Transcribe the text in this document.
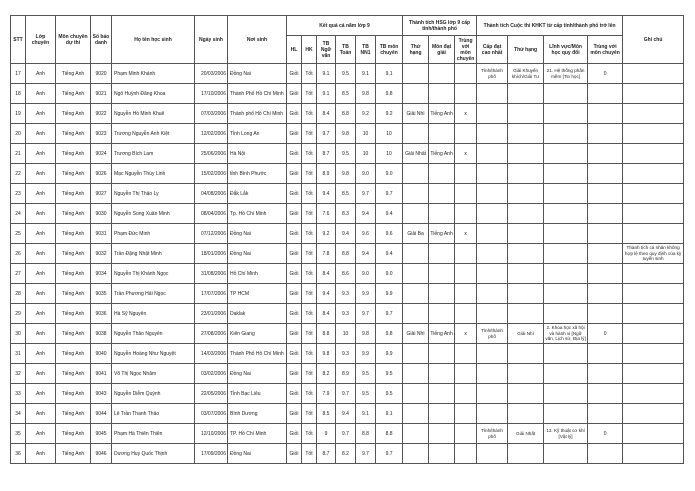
STT	Lớp chuyên	Môn chuyên dự thi	Số báo danh	Họ tên học sinh	Ngày sinh	Nơi sinh	Kết quả cả năm lớp 9						Thành tích HSG lớp 9 cấp tỉnh/thành phố			Thành tích Cuộc thi KHKT từ cấp tỉnh/thành phố trở lên				Ghi chú
							HL	HK	TB Ngữ văn	TB Toán	TB NN1	TB môn chuyên	Thứ hạng	Môn đạt giải	Trùng với môn chuyên	Cấp đạt cao nhất	Thứ hạng	Lĩnh vực/Môn học quy đổi	Trùng với môn chuyên	
17	Anh	Tiếng Anh	9020	Phạm Minh Khánh	20/03/2006	Đồng Nai	Giỏi	Tốt	9.1	9.5	9.1	9.1				Tỉnh/thành phố	Giải Khuyến khích/Giải Tư	21. Hệ thống phần mềm [Tin học]	0	
18	Anh	Tiếng Anh	9021	Ngô Huỳnh Đăng Khoa	17/10/2006	Thành Phố Hồ Chí Minh	Giỏi	Tốt	9.1	8.5	9.8	9.8								
19	Anh	Tiếng Anh	9022	Nguyễn Hồ Minh Khuê	07/03/2006	Thành phố Hồ Chí Minh	Giỏi	Tốt	8.4	8.8	9.2	9.2	Giải Nhì	Tiếng Anh	x					
20	Anh	Tiếng Anh	9023	Trương Nguyễn Anh Kiệt	12/02/2006	Tỉnh Long An	Giỏi	Tốt	9.7	9.8	10	10								
21	Anh	Tiếng Anh	9024	Trương Bích Lam	25/06/2006	Hà Nội	Giỏi	Tốt	8.7	9.5	10	10	Giải Nhất	Tiếng Anh	x					
22	Anh	Tiếng Anh	9026	Mạc Nguyễn Thùy Linh	15/02/2006	tỉnh Bình Phước	Giỏi	Tốt	8.9	9.8	9.0	9.0								
23	Anh	Tiếng Anh	9027	Nguyễn Thị Thảo Ly	04/08/2006	Đắk Lắk	Giỏi	Tốt	9.4	8.5	9.7	9.7								
24	Anh	Tiếng Anh	9030	Nguyễn Song Xuân Minh	08/04/2006	Tp. Hồ Chí Minh	Giỏi	Tốt	7.6	8.3	9.4	9.4								
25	Anh	Tiếng Anh	9031	Phạm Đức Minh	07/12/2006	Đồng Nai	Giỏi	Tốt	9.2	9.4	9.6	9.6	Giải Ba	Tiếng Anh	x					
26	Anh	Tiếng Anh	9032	Trần Đặng Nhật Minh	18/01/2006	Đồng Nai	Giỏi	Tốt	7.8	8.8	9.4	9.4								Thành tích cá nhân không hợp lệ theo quy định của kỳ tuyển sinh
27	Anh	Tiếng Anh	9034	Nguyễn Thị Khánh Ngọc	31/08/2006	Hồ Chí Minh	Giỏi	Tốt	8.4	8.6	9.0	9.0								
28	Anh	Tiếng Anh	9035	Trần Phương Hải Ngọc	17/07/2006	TP HCM	Giỏi	Tốt	9.4	9.3	9.9	9.9								
29	Anh	Tiếng Anh	9036	Hà Sỹ Nguyên	23/01/2006	Daklak	Giỏi	Tốt	8.4	9.3	9.7	9.7								
30	Anh	Tiếng Anh	9038	Nguyễn Thảo Nguyên	27/08/2006	Kiên Giang	Giỏi	Tốt	8.8	10	9.8	9.8	Giải Nhì	Tiếng Anh	x	Tỉnh/thành phố	Giải Nhì	2. Khoa học xã hội và hành vi [Ngữ văn, Lịch sử, Địa lý]	0	
31	Anh	Tiếng Anh	9040	Nguyễn Hoàng Như Nguyệt	14/03/2006	Thành Phố Hồ Chí Minh	Giỏi	Tốt	9.8	9.3	9.9	9.9								
32	Anh	Tiếng Anh	9041	Võ Thị Ngọc Nhâm	03/02/2006	Đồng Nai	Giỏi	Tốt	8.2	8.9	9.5	9.5								
33	Anh	Tiếng Anh	9043	Nguyễn Diễm Quỳnh	22/05/2006	Tỉnh Bạc Liêu	Giỏi	Tốt	7.9	9.7	9.5	9.5								
34	Anh	Tiếng Anh	9044	Lê Trần Thanh Thảo	03/07/2006	Bình Dương	Giỏi	Tốt	8.5	9.4	9.1	9.1								
35	Anh	Tiếng Anh	9045	Phạm Hà Thiên Thiên	12/10/2006	TP. Hồ Chí Minh	Giỏi	Tốt	9	9.7	8.8	8.8				Tỉnh/thành phố	Giải Nhất	13. Kỹ thuật cơ khí [Vật lý]	0	
36	Anh	Tiếng Anh	9046	Dương Huy Quốc Thịnh	17/09/2006	Đồng Nai	Giỏi	Tốt	8.7	8.2	9.7	9.7								
